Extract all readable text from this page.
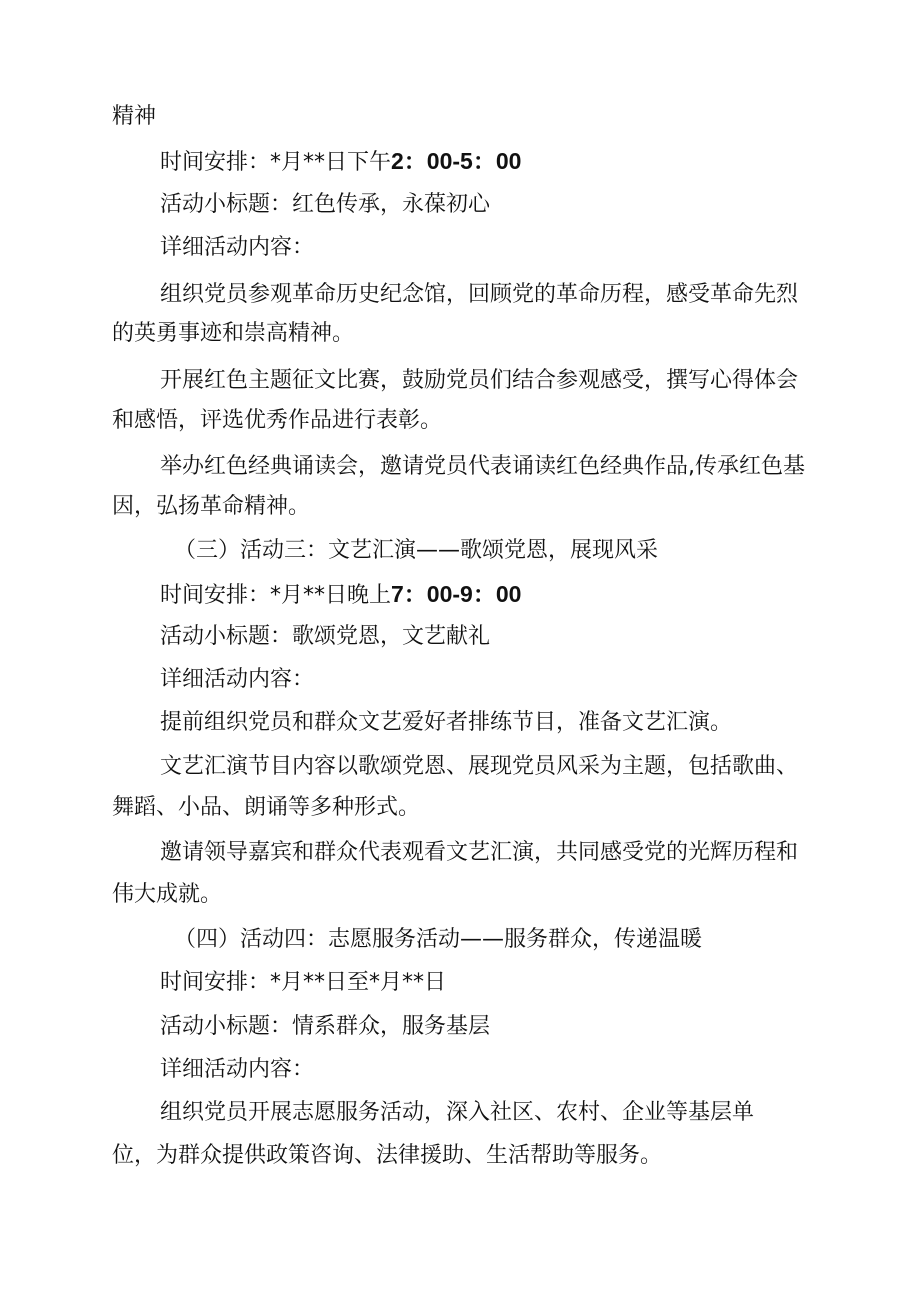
精神
时间安排：*月**日下午2：00-5：00
活动小标题：红色传承，永葆初心
详细活动内容：
组织党员参观革命历史纪念馆，回顾党的革命历程，感受革命先烈
的英勇事迹和崇高精神。
开展红色主题征文比赛，鼓励党员们结合参观感受，撰写心得体会
和感悟，评选优秀作品进行表彰。
举办红色经典诵读会，邀请党员代表诵读红色经典作品,传承红色基
因，弘扬革命精神。
（三）活动三：文艺汇演——歌颂党恩，展现风采
时间安排：*月**日晚上7：00-9：00
活动小标题：歌颂党恩，文艺献礼
详细活动内容：
提前组织党员和群众文艺爱好者排练节目，准备文艺汇演。
文艺汇演节目内容以歌颂党恩、展现党员风采为主题，包括歌曲、
舞蹈、小品、朗诵等多种形式。
邀请领导嘉宾和群众代表观看文艺汇演，共同感受党的光辉历程和
伟大成就。
（四）活动四：志愿服务活动——服务群众，传递温暖
时间安排：*月**日至*月**日
活动小标题：情系群众，服务基层
详细活动内容：
组织党员开展志愿服务活动，深入社区、农村、企业等基层单
位，为群众提供政策咨询、法律援助、生活帮助等服务。
